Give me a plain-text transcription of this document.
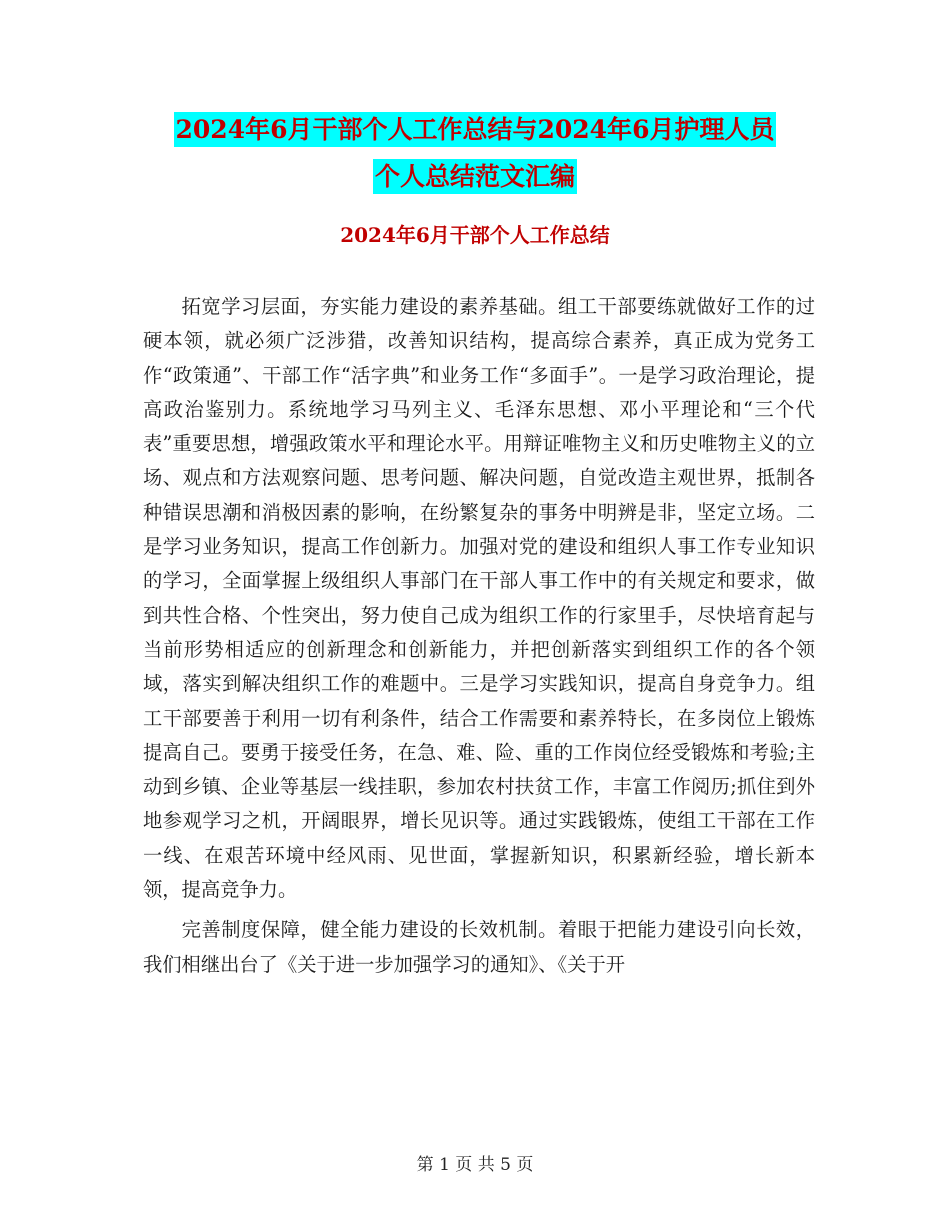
2024年6月干部个人工作总结与2024年6月护理人员
个人总结范文汇编
2024年6月干部个人工作总结

拓宽学习层面，夯实能力建设的素养基础。组工干部要练就做好工作的过硬本领，就必须广泛涉猎，改善知识结构，提高综合素养，真正成为党务工作“政策通”、干部工作“活字典”和业务工作“多面手”。一是学习政治理论，提高政治鉴别力。系统地学习马列主义、毛泽东思想、邓小平理论和“三个代表”重要思想，增强政策水平和理论水平。用辩证唯物主义和历史唯物主义的立场、观点和方法观察问题、思考问题、解决问题，自觉改造主观世界，抵制各种错误思潮和消极因素的影响，在纷繁复杂的事务中明辨是非，坚定立场。二是学习业务知识，提高工作创新力。加强对党的建设和组织人事工作专业知识的学习，全面掌握上级组织人事部门在干部人事工作中的有关规定和要求，做到共性合格、个性突出，努力使自己成为组织工作的行家里手，尽快培育起与当前形势相适应的创新理念和创新能力，并把创新落实到组织工作的各个领域，落实到解决组织工作的难题中。三是学习实践知识，提高自身竞争力。组工干部要善于利用一切有利条件，结合工作需要和素养特长，在多岗位上锻炼提高自己。要勇于接受任务，在急、难、险、重的工作岗位经受锻炼和考验;主动到乡镇、企业等基层一线挂职，参加农村扶贫工作，丰富工作阅历;抓住到外地参观学习之机，开阔眼界，增长见识等。通过实践锻炼，使组工干部在工作一线、在艰苦环境中经风雨、见世面，掌握新知识，积累新经验，增长新本领，提高竞争力。

完善制度保障，健全能力建设的长效机制。着眼于把能力建设引向长效，我们相继出台了《关于进一步加强学习的通知》、《关于开

第 1 页 共 5 页
